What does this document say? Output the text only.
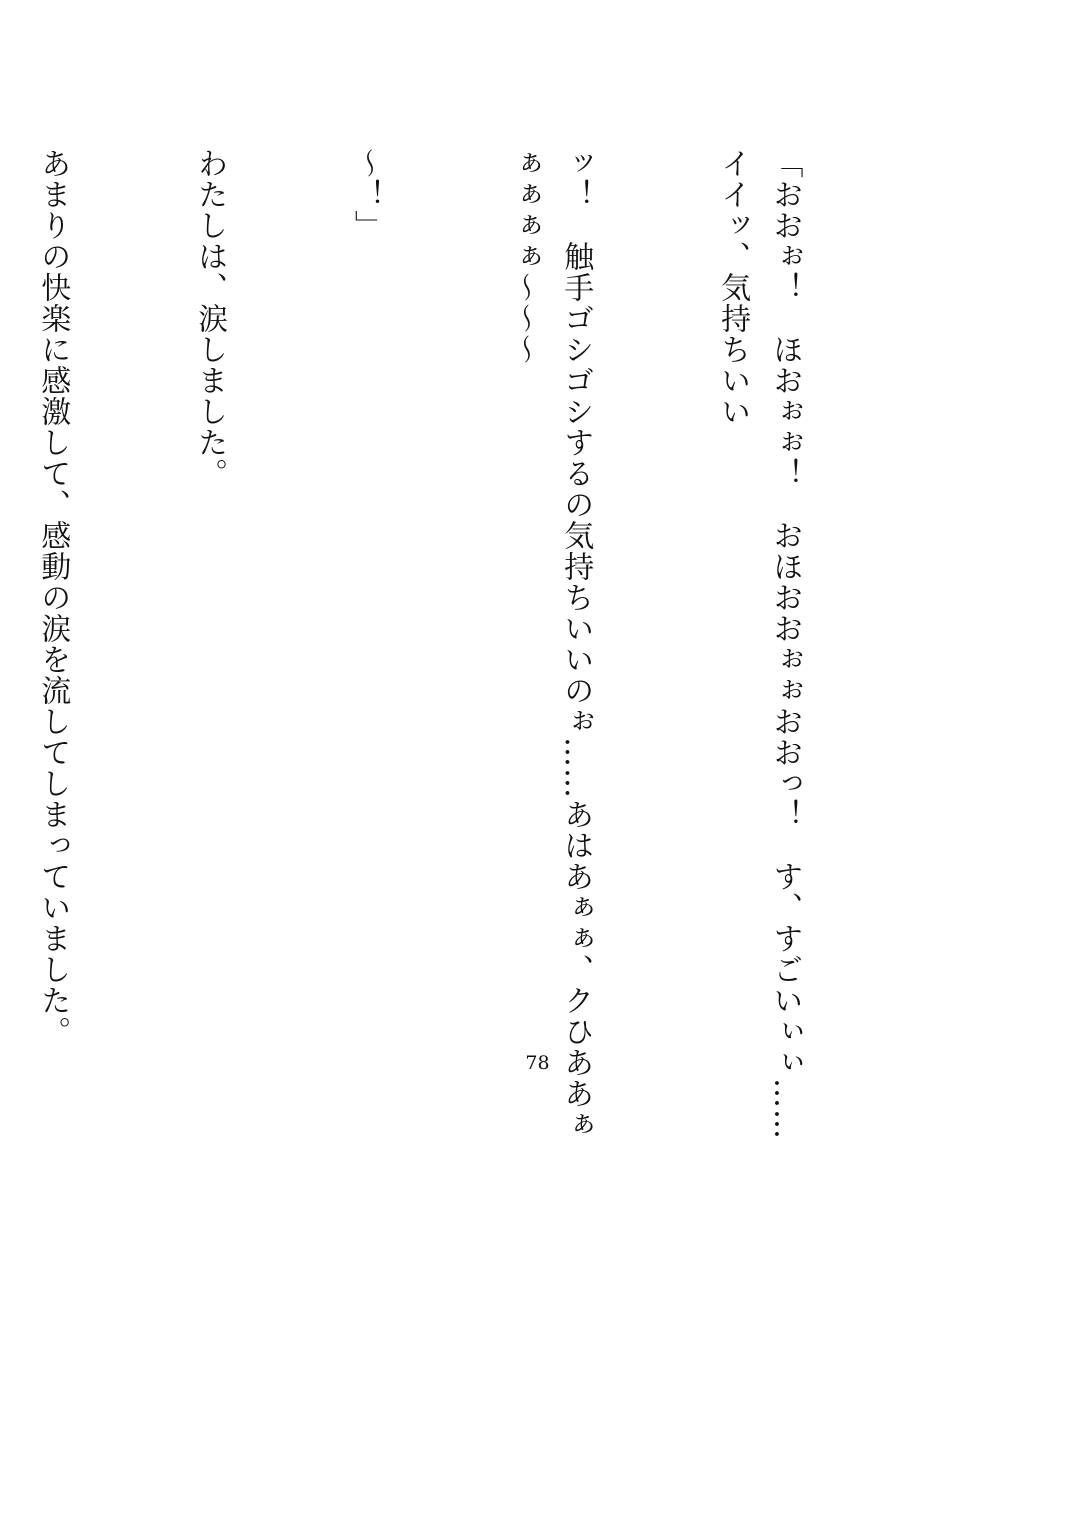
「おおぉ！　ほおぉぉ！　おほおおぉぉおおっ！　す、すごいぃぃ……イイッ、気持ちいい

ッ！　触手ゴシゴシするの気持ちいいのぉ……あはあぁぁ、クひああぁぁぁぁぁ〜〜〜

〜！」

わたしは、涙しました。

あまりの快楽に感激して、感動の涙を流してしまっていました。

78
